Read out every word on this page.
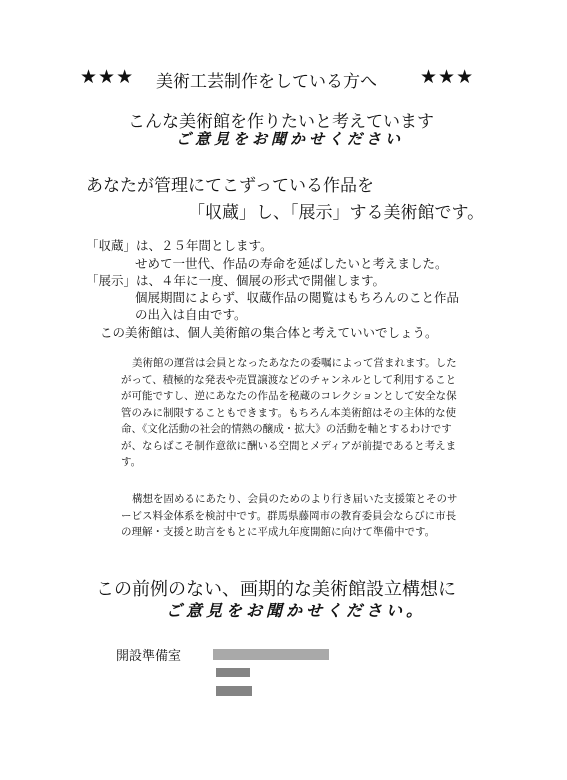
★★★ 美術工芸制作をしている方へ ★★★
こんな美術館を作りたいと考えています
ご意見をお聞かせください
あなたが管理にてこずっている作品を
「収蔵」し、「展示」する美術館です。
「収蔵」は、２５年間とします。
せめて一世代、作品の寿命を延ばしたいと考えました。
「展示」は、４年に一度、個展の形式で開催します。
個展期間によらず、収蔵作品の閲覧はもちろんのこと作品
の出入は自由です。
この美術館は、個人美術館の集合体と考えていいでしょう。
美術館の運営は会員となったあなたの委嘱によって営まれます。したがって、積極的な発表や売買譲渡などのチャンネルとして利用することが可能ですし、逆にあなたの作品を秘蔵のコレクションとして安全な保管のみに制限することもできます。もちろん本美術館はその主体的な使命、《文化活動の社会的情熱の醸成・拡大》の活動を軸とするわけですが、ならばこそ制作意欲に酬いる空間とメディアが前提であると考えます。
構想を固めるにあたり、会員のためのより行き届いた支援策とそのサービス料金体系を検討中です。群馬県藤岡市の教育委員会ならびに市長の理解・支援と助言をもとに平成九年度開館に向けて準備中です。
この前例のない、画期的な美術館設立構想に
ご意見をお聞かせください。
開設準備室
